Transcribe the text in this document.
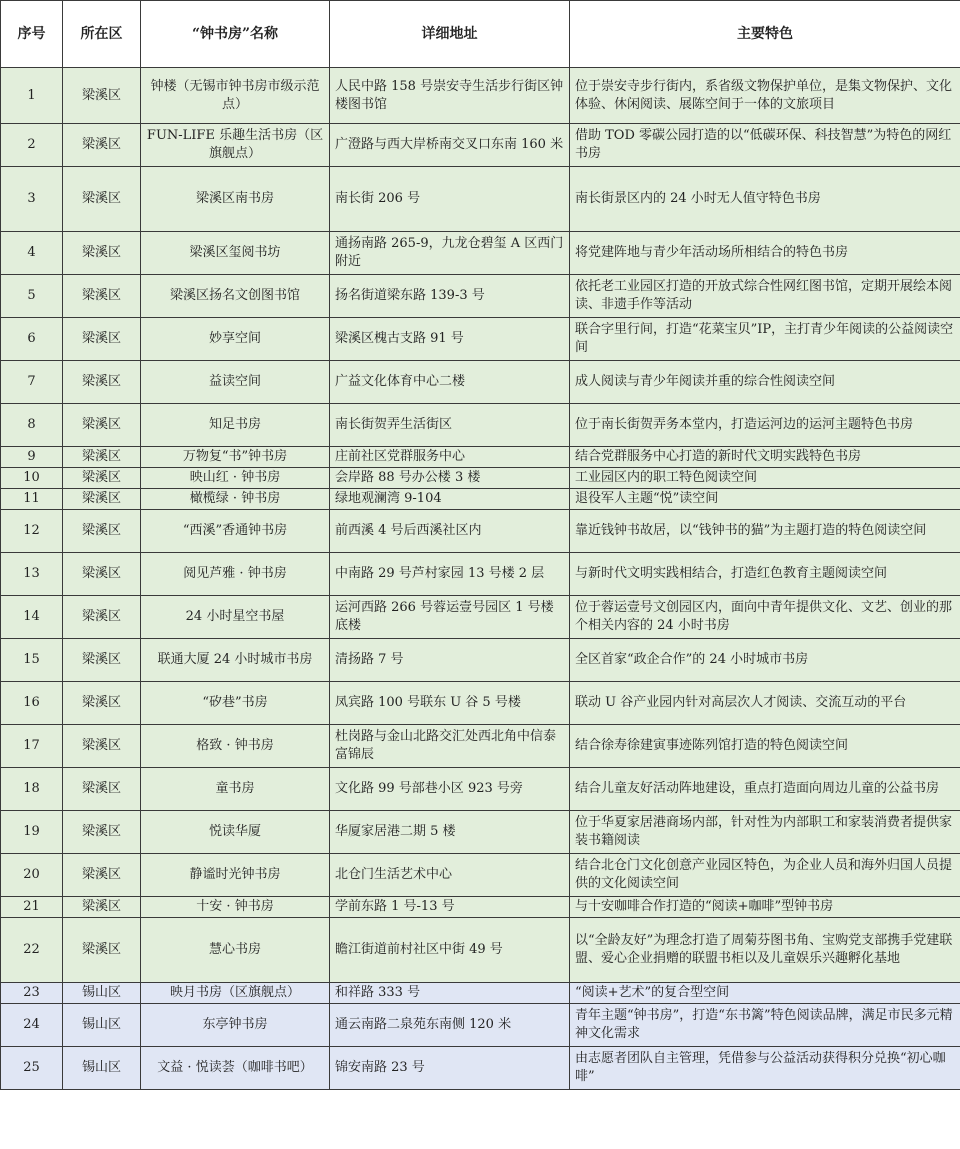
序号	所在区	“钟书房”名称	详细地址	主要特色
1	梁溪区	钟楼（无锡市钟书房市级示范点）	人民中路 158 号崇安寺生活步行街区钟楼图书馆	位于崇安寺步行街内，系省级文物保护单位，是集文物保护、文化体验、休闲阅读、展陈空间于一体的文旅项目
2	梁溪区	FUN-LIFE 乐趣生活书房（区旗舰点）	广澄路与西大岸桥南交叉口东南 160 米	借助 TOD 零碳公园打造的以“低碳环保、科技智慧”为特色的网红书房
3	梁溪区	梁溪区南书房	南长街 206 号	南长街景区内的 24 小时无人值守特色书房
4	梁溪区	梁溪区玺阅书坊	通扬南路 265-9，九龙仓碧玺 A 区西门附近	将党建阵地与青少年活动场所相结合的特色书房
5	梁溪区	梁溪区扬名文创图书馆	扬名街道梁东路 139-3 号	依托老工业园区打造的开放式综合性网红图书馆，定期开展绘本阅读、非遗手作等活动
6	梁溪区	妙享空间	梁溪区槐古支路 91 号	联合字里行间，打造“花菜宝贝”IP，主打青少年阅读的公益阅读空间
7	梁溪区	益读空间	广益文化体育中心二楼	成人阅读与青少年阅读并重的综合性阅读空间
8	梁溪区	知足书房	南长街贺弄生活街区	位于南长街贺弄务本堂内，打造运河边的运河主题特色书房
9	梁溪区	万物复“书”钟书房	庄前社区党群服务中心	结合党群服务中心打造的新时代文明实践特色书房
10	梁溪区	映山红 · 钟书房	会岸路 88 号办公楼 3 楼	工业园区内的职工特色阅读空间
11	梁溪区	橄榄绿 · 钟书房	绿地观澜湾 9-104	退役军人主题“悦”读空间
12	梁溪区	“西溪”香通钟书房	前西溪 4 号后西溪社区内	靠近钱钟书故居，以“钱钟书的猫”为主题打造的特色阅读空间
13	梁溪区	阅见芦雅 · 钟书房	中南路 29 号芦村家园 13 号楼 2 层	与新时代文明实践相结合，打造红色教育主题阅读空间
14	梁溪区	24 小时星空书屋	运河西路 266 号蓉运壹号园区 1 号楼底楼	位于蓉运壹号文创园区内，面向中青年提供文化、文艺、创业的那个相关内容的 24 小时书房
15	梁溪区	联通大厦 24 小时城市书房	清扬路 7 号	全区首家“政企合作”的 24 小时城市书房
16	梁溪区	“矽巷”书房	凤宾路 100 号联东 U 谷 5 号楼	联动 U 谷产业园内针对高层次人才阅读、交流互动的平台
17	梁溪区	格致 · 钟书房	杜岗路与金山北路交汇处西北角中信泰富锦辰	结合徐寿徐建寅事迹陈列馆打造的特色阅读空间
18	梁溪区	童书房	文化路 99 号部巷小区 923 号旁	结合儿童友好活动阵地建设，重点打造面向周边儿童的公益书房
19	梁溪区	悦读华厦	华厦家居港二期 5 楼	位于华夏家居港商场内部，针对性为内部职工和家装消费者提供家装书籍阅读
20	梁溪区	静谧时光钟书房	北仓门生活艺术中心	结合北仓门文化创意产业园区特色，为企业人员和海外归国人员提供的文化阅读空间
21	梁溪区	十安 · 钟书房	学前东路 1 号-13 号	与十安咖啡合作打造的“阅读+咖啡”型钟书房
22	梁溪区	慧心书房	瞻江街道前村社区中街 49 号	以“全龄友好”为理念打造了周菊芬图书角、宝购党支部携手党建联盟、爱心企业捐赠的联盟书柜以及儿童娱乐兴趣孵化基地
23	锡山区	映月书房（区旗舰点）	和祥路 333 号	“阅读+艺术”的复合型空间
24	锡山区	东亭钟书房	通云南路二泉苑东南侧 120 米	青年主题“钟书房”，打造“东书篱”特色阅读品牌，满足市民多元精神文化需求
25	锡山区	文益 · 悦读荟（咖啡书吧）	锦安南路 23 号	由志愿者团队自主管理，凭借参与公益活动获得积分兑换“初心咖啡”
